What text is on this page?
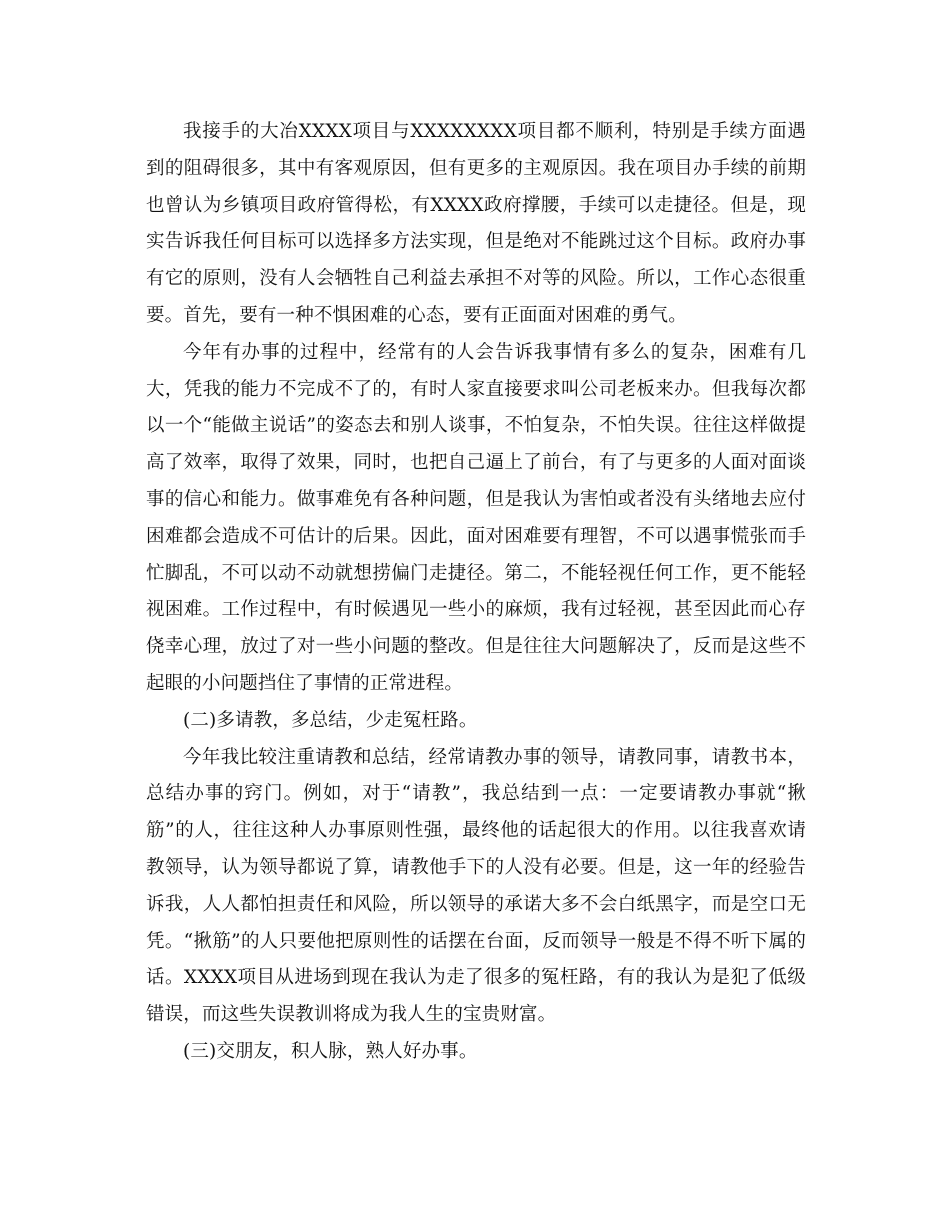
我接手的大冶XXXX项目与XXXXXXXX项目都不顺利，特别是手续方面遇到的阻碍很多，其中有客观原因，但有更多的主观原因。我在项目办手续的前期也曾认为乡镇项目政府管得松，有XXXX政府撑腰，手续可以走捷径。但是，现实告诉我任何目标可以选择多方法实现，但是绝对不能跳过这个目标。政府办事有它的原则，没有人会牺牲自己利益去承担不对等的风险。所以，工作心态很重要。首先，要有一种不惧困难的心态，要有正面面对困难的勇气。

今年有办事的过程中，经常有的人会告诉我事情有多么的复杂，困难有几大，凭我的能力不完成不了的，有时人家直接要求叫公司老板来办。但我每次都以一个“能做主说话”的姿态去和别人谈事，不怕复杂，不怕失误。往往这样做提高了效率，取得了效果，同时，也把自己逼上了前台，有了与更多的人面对面谈事的信心和能力。做事难免有各种问题，但是我认为害怕或者没有头绪地去应付困难都会造成不可估计的后果。因此，面对困难要有理智，不可以遇事慌张而手忙脚乱，不可以动不动就想捞偏门走捷径。第二，不能轻视任何工作，更不能轻视困难。工作过程中，有时候遇见一些小的麻烦，我有过轻视，甚至因此而心存侥幸心理，放过了对一些小问题的整改。但是往往大问题解决了，反而是这些不起眼的小问题挡住了事情的正常进程。

(二)多请教，多总结，少走冤枉路。

今年我比较注重请教和总结，经常请教办事的领导，请教同事，请教书本，总结办事的窍门。例如，对于“请教”，我总结到一点：一定要请教办事就“揪筋”的人，往往这种人办事原则性强，最终他的话起很大的作用。以往我喜欢请教领导，认为领导都说了算，请教他手下的人没有必要。但是，这一年的经验告诉我，人人都怕担责任和风险，所以领导的承诺大多不会白纸黑字，而是空口无凭。“揪筋”的人只要他把原则性的话摆在台面，反而领导一般是不得不听下属的话。XXXX项目从进场到现在我认为走了很多的冤枉路，有的我认为是犯了低级错误，而这些失误教训将成为我人生的宝贵财富。

(三)交朋友，积人脉，熟人好办事。
